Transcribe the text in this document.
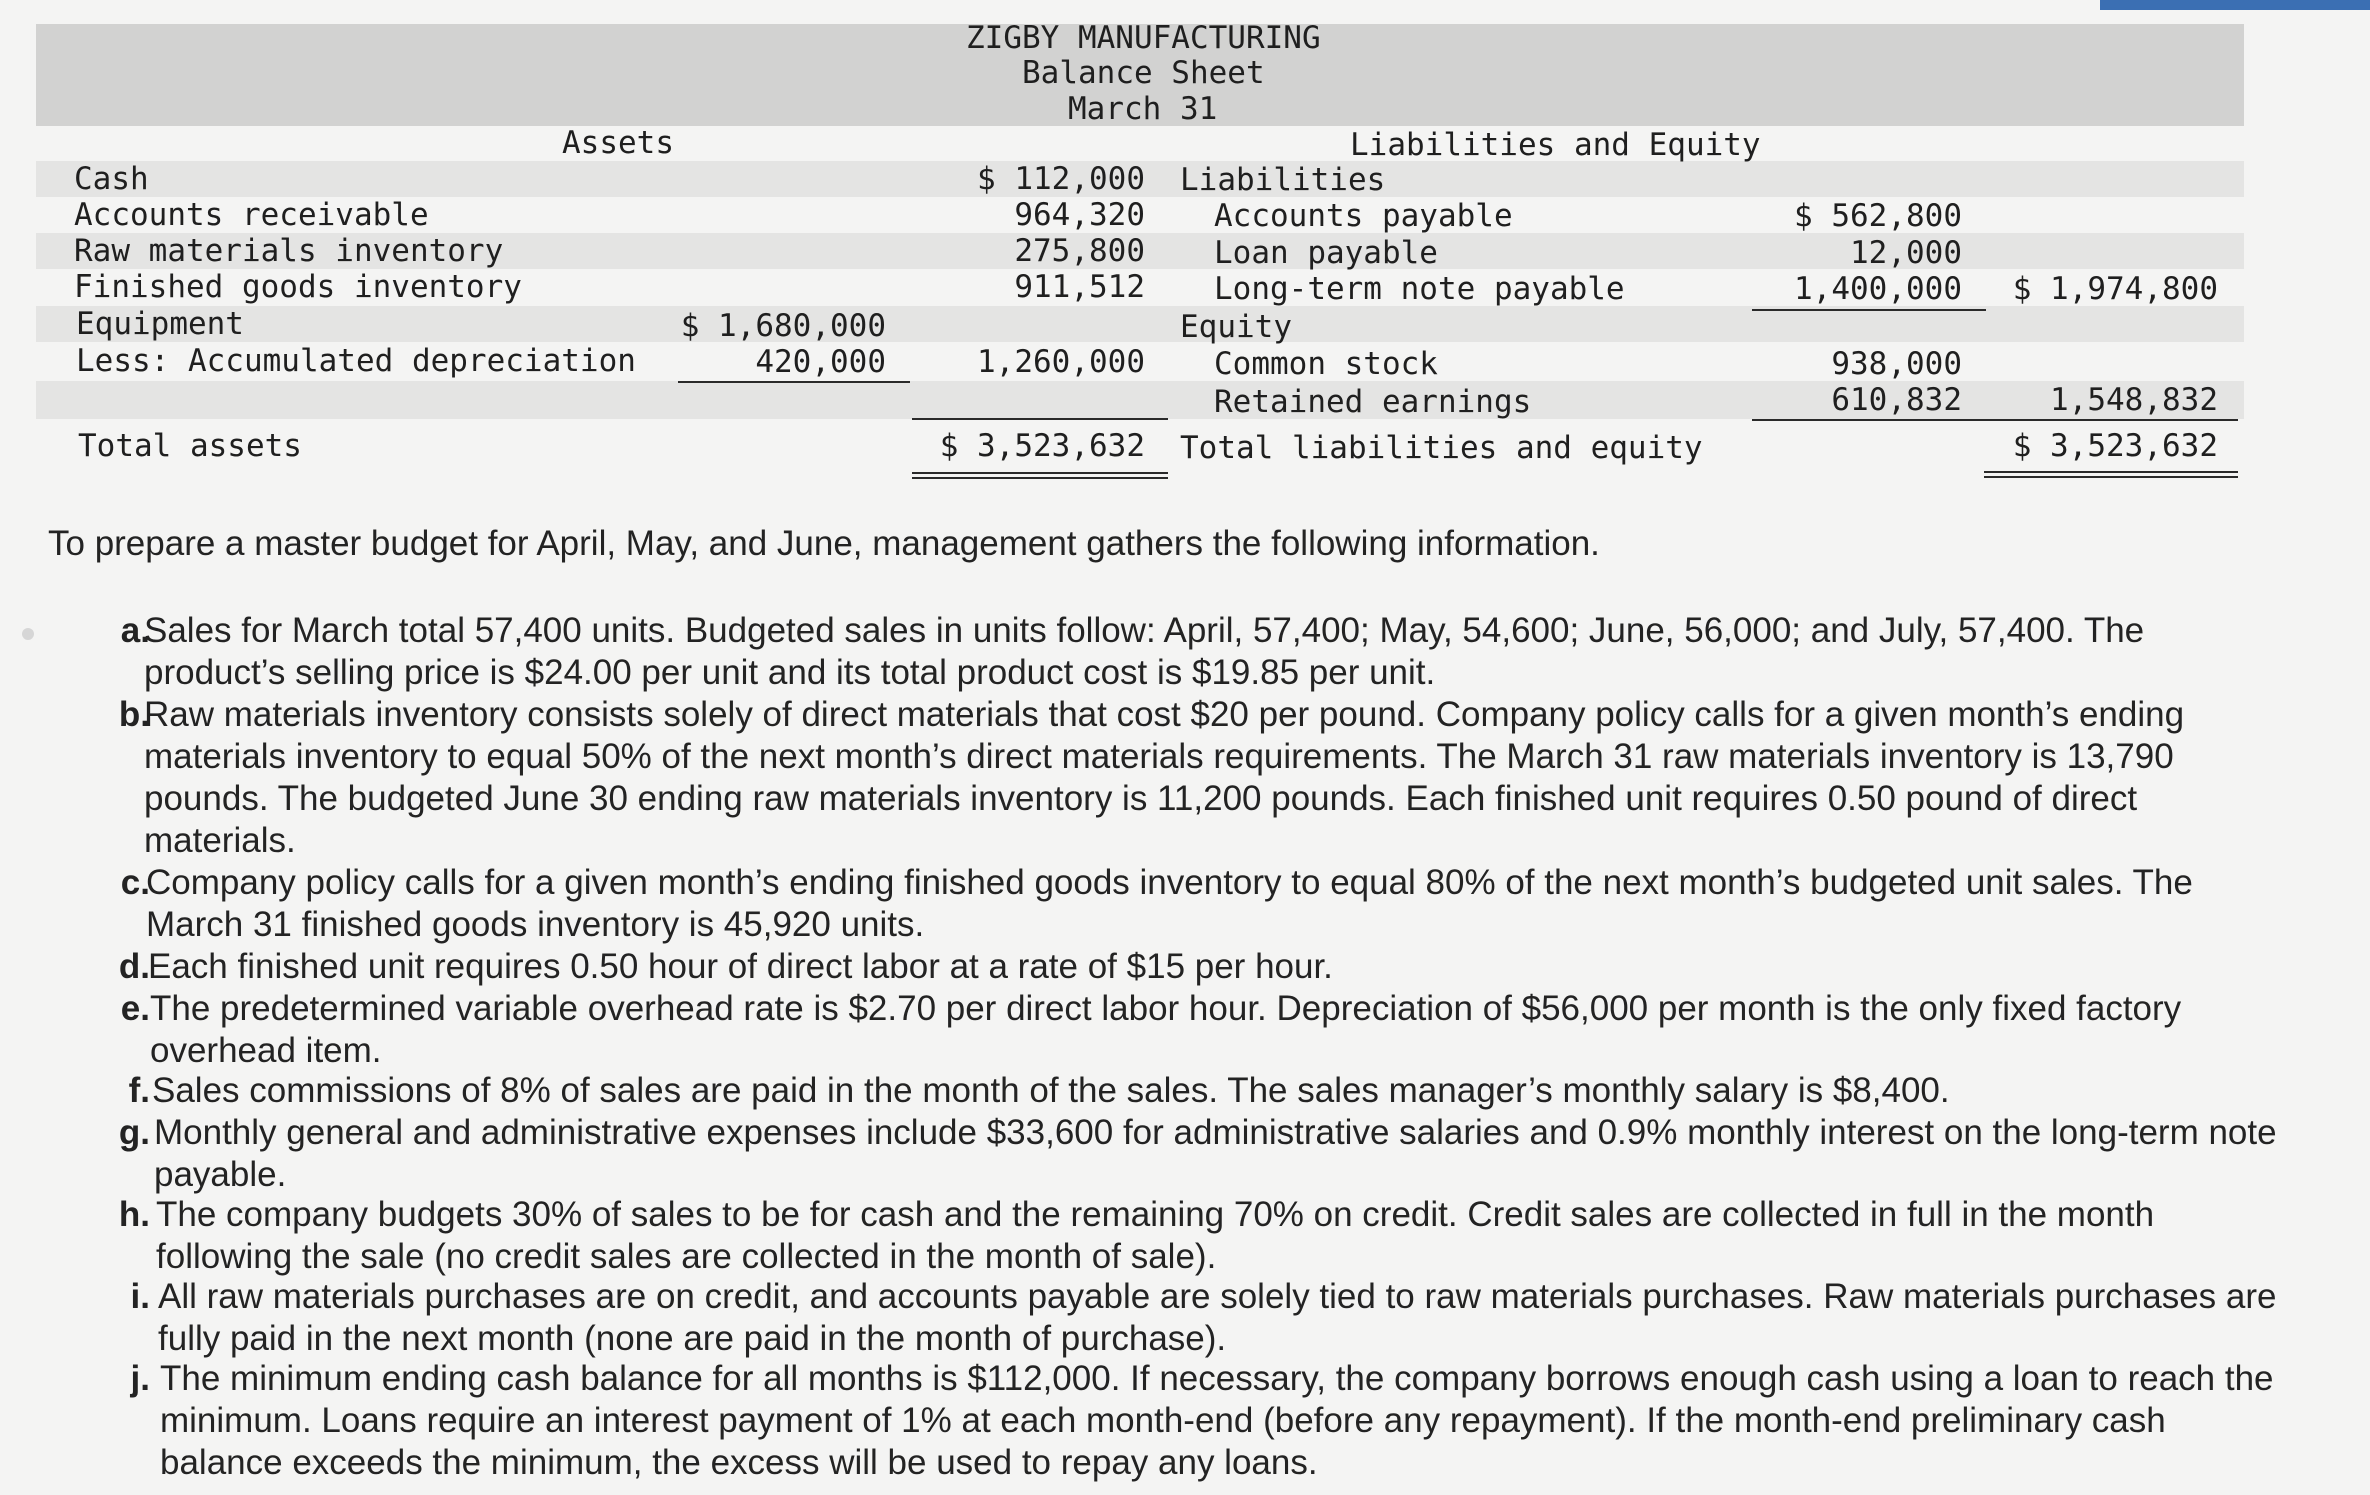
ZIGBY MANUFACTURING
Balance Sheet
March 31
Assets	Liabilities and Equity
Cash
Accounts receivable
Raw materials inventory
Finished goods inventory
Equipment
Less: Accumulated depreciation
Total assets
$ 1,680,000
420,000
$ 112,000
964,320
275,800
911,512
1,260,000
$ 3,523,632
Liabilities
Accounts payable
Loan payable
Long-term note payable
Equity
Common stock
Retained earnings
Total liabilities and equity
$ 562,800
12,000
1,400,000
938,000
610,832
$ 1,974,800
1,548,832
$ 3,523,632
To prepare a master budget for April, May, and June, management gathers the following information.
a.
Sales for March total 57,400 units. Budgeted sales in units follow: April, 57,400; May, 54,600; June, 56,000; and July, 57,400. The product’s selling price is $24.00 per unit and its total product cost is $19.85 per unit.
b.
Raw materials inventory consists solely of direct materials that cost $20 per pound. Company policy calls for a given month’s ending materials inventory to equal 50% of the next month’s direct materials requirements. The March 31 raw materials inventory is 13,790 pounds. The budgeted June 30 ending raw materials inventory is 11,200 pounds. Each finished unit requires 0.50 pound of direct materials.
c.
Company policy calls for a given month’s ending finished goods inventory to equal 80% of the next month’s budgeted unit sales. The March 31 finished goods inventory is 45,920 units.
d.
Each finished unit requires 0.50 hour of direct labor at a rate of $15 per hour.
e. The predetermined variable overhead rate is $2.70 per direct labor hour. Depreciation of $56,000 per month is the only fixed factory overhead item.
f. Sales commissions of 8% of sales are paid in the month of the sales. The sales manager’s monthly salary is $8,400.
g. Monthly general and administrative expenses include $33,600 for administrative salaries and 0.9% monthly interest on the long-term note payable.
h. The company budgets 30% of sales to be for cash and the remaining 70% on credit. Credit sales are collected in full in the month following the sale (no credit sales are collected in the month of sale).
i. All raw materials purchases are on credit, and accounts payable are solely tied to raw materials purchases. Raw materials purchases are fully paid in the next month (none are paid in the month of purchase).
j. The minimum ending cash balance for all months is $112,000. If necessary, the company borrows enough cash using a loan to reach the minimum. Loans require an interest payment of 1% at each month-end (before any repayment). If the month-end preliminary cash balance exceeds the minimum, the excess will be used to repay any loans.
